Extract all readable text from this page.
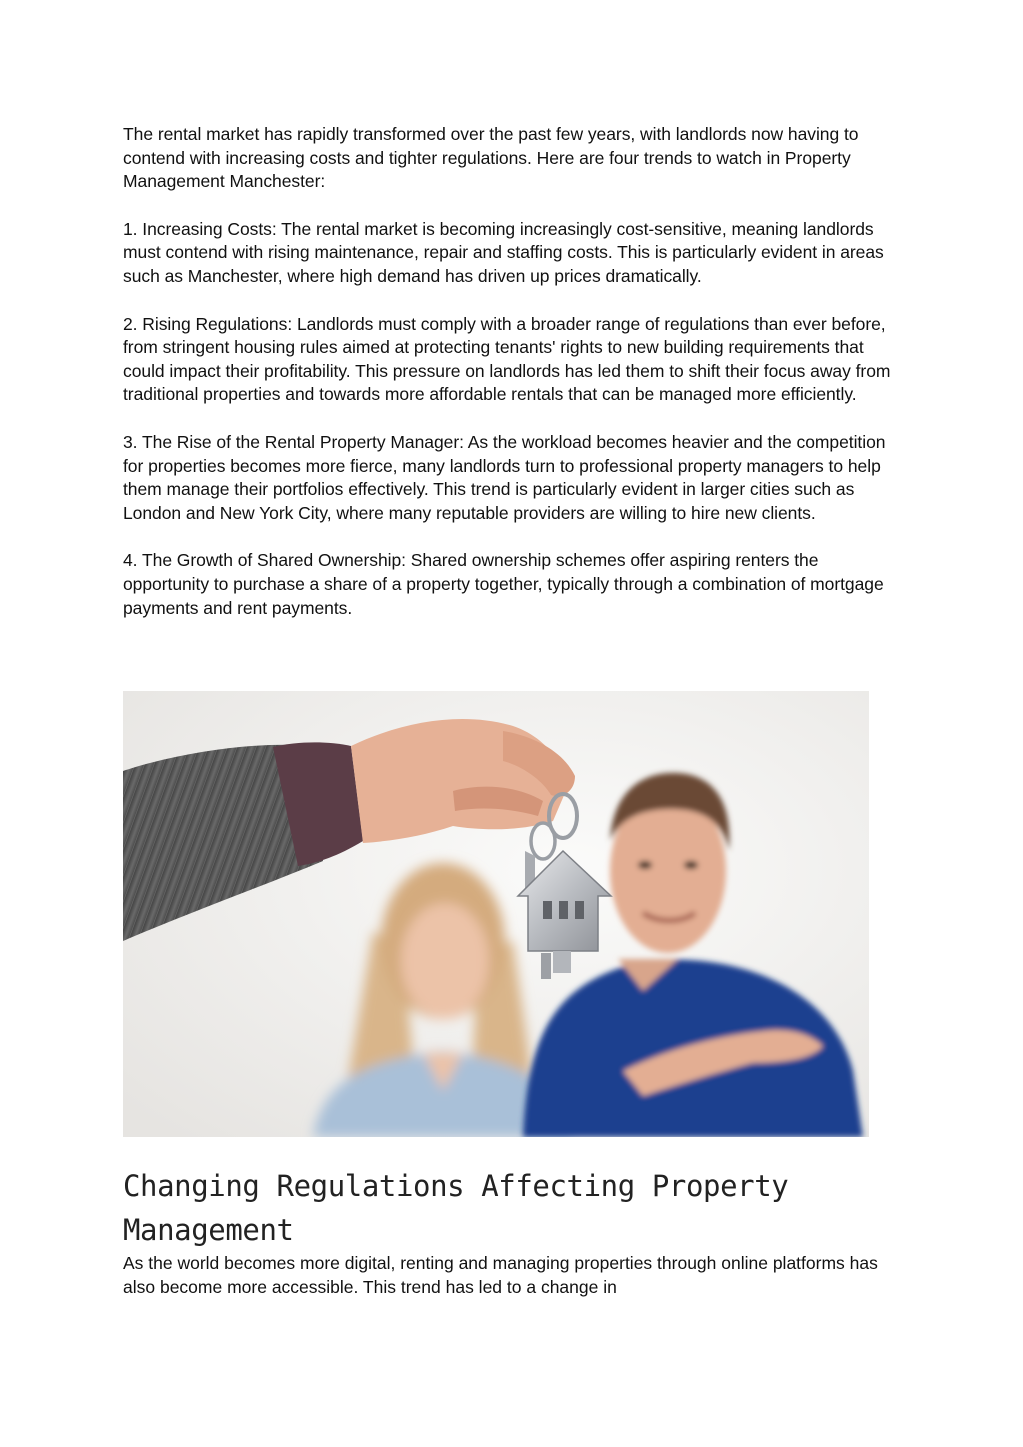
The rental market has rapidly transformed over the past few years, with landlords now having to contend with increasing costs and tighter regulations. Here are four trends to watch in Property Management Manchester:

1. Increasing Costs: The rental market is becoming increasingly cost-sensitive, meaning landlords must contend with rising maintenance, repair and staffing costs. This is particularly evident in areas such as Manchester, where high demand has driven up prices dramatically.

2. Rising Regulations: Landlords must comply with a broader range of regulations than ever before, from stringent housing rules aimed at protecting tenants' rights to new building requirements that could impact their profitability. This pressure on landlords has led them to shift their focus away from traditional properties and towards more affordable rentals that can be managed more efficiently.

3. The Rise of the Rental Property Manager: As the workload becomes heavier and the competition for properties becomes more fierce, many landlords turn to professional property managers to help them manage their portfolios effectively. This trend is particularly evident in larger cities such as London and New York City, where many reputable providers are willing to hire new clients.

4. The Growth of Shared Ownership: Shared ownership schemes offer aspiring renters the opportunity to purchase a share of a property together, typically through a combination of mortgage payments and rent payments.

Changing Regulations Affecting Property Management

As the world becomes more digital, renting and managing properties through online platforms has also become more accessible. This trend has led to a change in
